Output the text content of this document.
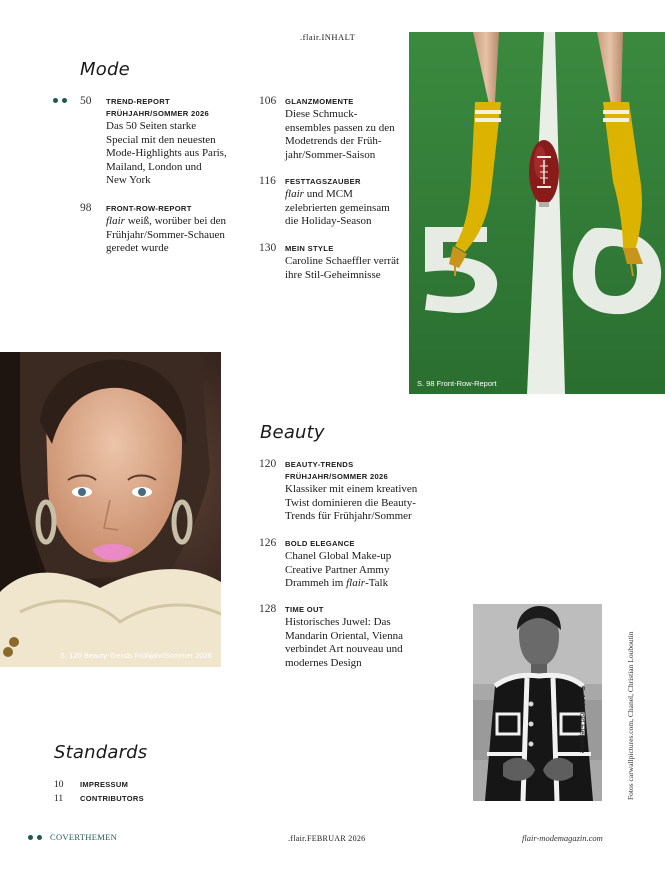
.flair.INHALT
Mode
50 TREND-REPORT
FRÜHJAHR/SOMMER 2026
Das 50 Seiten starke
Special mit den neuesten
Mode-Highlights aus Paris,
Mailand, London und
New York
98 FRONT-ROW-REPORT
flair weiß, worüber bei den
Frühjahr/Sommer-Schauen
geredet wurde
106 GLANZMOMENTE
Diese Schmuck-
ensembles passen zu den
Modetrends der Früh-
jahr/Sommer-Saison
116 FESTTAGSZAUBER
flair und MCM
zelebrierten gemeinsam
die Holiday-Season
130 MEIN STYLE
Caroline Schaeffler verrät
ihre Stil-Geheimnisse
S. 98 Front-Row-Report
S. 120 Beauty-Trends Frühjahr/Sommer 2026
Beauty
120 BEAUTY-TRENDS
FRÜHJAHR/SOMMER 2026
Klassiker mit einem kreativen
Twist dominieren die Beauty-
Trends für Frühjahr/Sommer
126 BOLD ELEGANCE
Chanel Global Make-up
Creative Partner Ammy
Drammeh im flair-Talk
128 TIME OUT
Historisches Juwel: Das
Mandarin Oriental, Vienna
verbindet Art nouveau und
modernes Design
S. 126 Bold Elegance	Fotos carwallpictures.com, Chanel, Christian Louboutin
Standards
10 IMPRESSUM
11 CONTRIBUTORS
COVERTHEMEN	.flair.FEBRUAR 2026	flair-modemagazin.com
